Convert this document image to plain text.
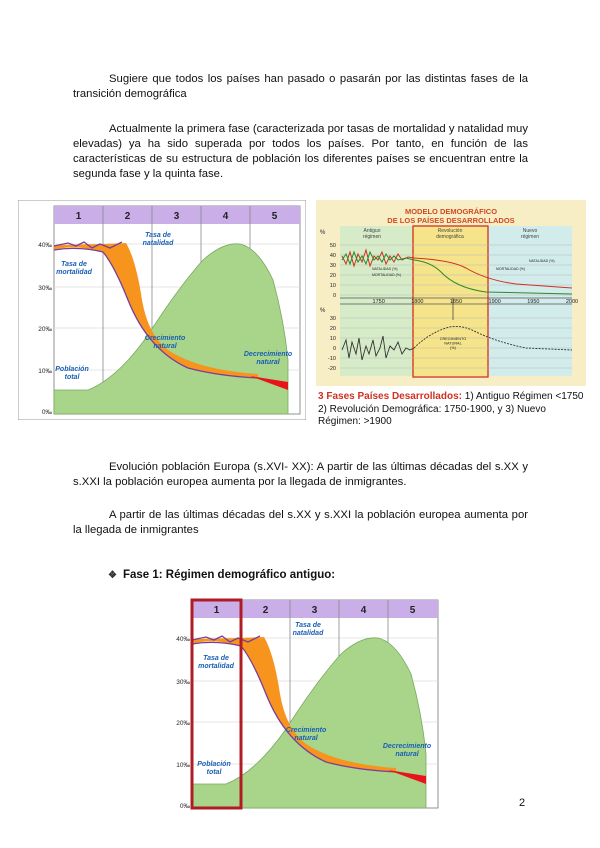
Sugiere que todos los países han pasado o pasarán por las distintas fases de la transición demográfica

Actualmente la primera fase (caracterizada por tasas de mortalidad y natalidad muy elevadas) ya ha sido superada por todos los países. Por tanto, en función de las características de su estructura de población los diferentes países se encuentran entre la segunda fase y la quinta fase.

Evolución población Europa (s.XVI- XX): A partir de las últimas décadas del s.XX y s.XXI la población europea aumenta por la llegada de inmigrantes.

A partir de las últimas décadas del s.XX y s.XXI la población europea aumenta por la llegada de inmigrantes

1	2	3	4	5
40‰
30‰
20‰
10‰
0‰
Tasa de natalidad
Tasa de mortalidad
Crecimiento natural
Decrecimiento natural
Población total
MODELO DEMOGRÁFICO
DE LOS PAÍSES DESARROLLADOS
Antiguo
régimen
Revolución
demográfica
Nuevo
régimen
%
%
50
40
30
20
10
0
30
20
10
0
-10
-20
1750	1800	1850	1900	1950	2000
NATALIDAD (%)
MORTALIDAD (%)
NATALIDAD (%)
MORTALIDAD (%)
CRECIMIENTO NATURAL (%)

3 Fases Países Desarrollados: 1) Antiguo Régimen <1750 2) Revolución Demográfica: 1750-1900, y 3) Nuevo Régimen: >1900

❖ Fase 1: Régimen demográfico antiguo:

1	2	3	4	5
40‰
30‰
20‰
10‰
0‰
Tasa de natalidad
Tasa de mortalidad
Crecimiento natural
Decrecimiento natural
Población total
2
